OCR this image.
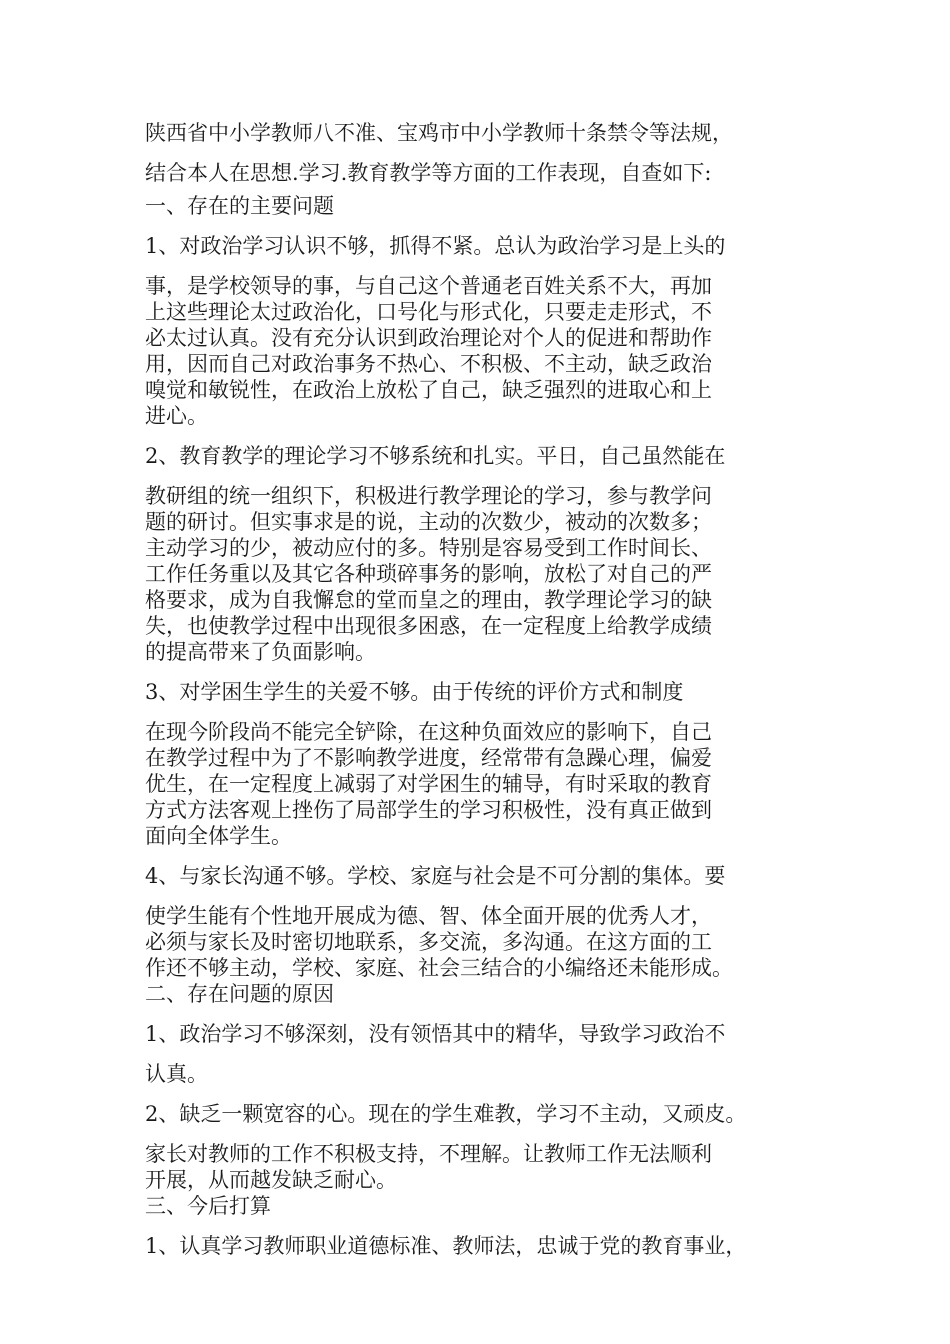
陕西省中小学教师八不准、宝鸡市中小学教师十条禁令等法规，
结合本人在思想.学习.教育教学等方面的工作表现，自查如下:
一、存在的主要问题
1、对政治学习认识不够，抓得不紧。总认为政治学习是上头的
事，是学校领导的事，与自己这个普通老百姓关系不大，再加
上这些理论太过政治化，口号化与形式化，只要走走形式，不
必太过认真。没有充分认识到政治理论对个人的促进和帮助作
用，因而自己对政治事务不热心、不积极、不主动，缺乏政治
嗅觉和敏锐性，在政治上放松了自己，缺乏强烈的进取心和上
进心。
2、教育教学的理论学习不够系统和扎实。平日，自己虽然能在
教研组的统一组织下，积极进行教学理论的学习，参与教学问
题的研讨。但实事求是的说，主动的次数少，被动的次数多；
主动学习的少，被动应付的多。特别是容易受到工作时间长、
工作任务重以及其它各种琐碎事务的影响，放松了对自己的严
格要求，成为自我懈怠的堂而皇之的理由，教学理论学习的缺
失，也使教学过程中出现很多困惑，在一定程度上给教学成绩
的提高带来了负面影响。
3、对学困生学生的关爱不够。由于传统的评价方式和制度
在现今阶段尚不能完全铲除，在这种负面效应的影响下，自己
在教学过程中为了不影响教学进度，经常带有急躁心理，偏爱
优生，在一定程度上减弱了对学困生的辅导，有时采取的教育
方式方法客观上挫伤了局部学生的学习积极性，没有真正做到
面向全体学生。
4、与家长沟通不够。学校、家庭与社会是不可分割的集体。要
使学生能有个性地开展成为德、智、体全面开展的优秀人才，
必须与家长及时密切地联系，多交流，多沟通。在这方面的工
作还不够主动，学校、家庭、社会三结合的小编络还未能形成。
二、存在问题的原因
1、政治学习不够深刻，没有领悟其中的精华，导致学习政治不
认真。
2、缺乏一颗宽容的心。现在的学生难教，学习不主动，又顽皮。
家长对教师的工作不积极支持，不理解。让教师工作无法顺利
开展，从而越发缺乏耐心。
三、今后打算
1、认真学习教师职业道德标准、教师法，忠诚于党的教育事业，
